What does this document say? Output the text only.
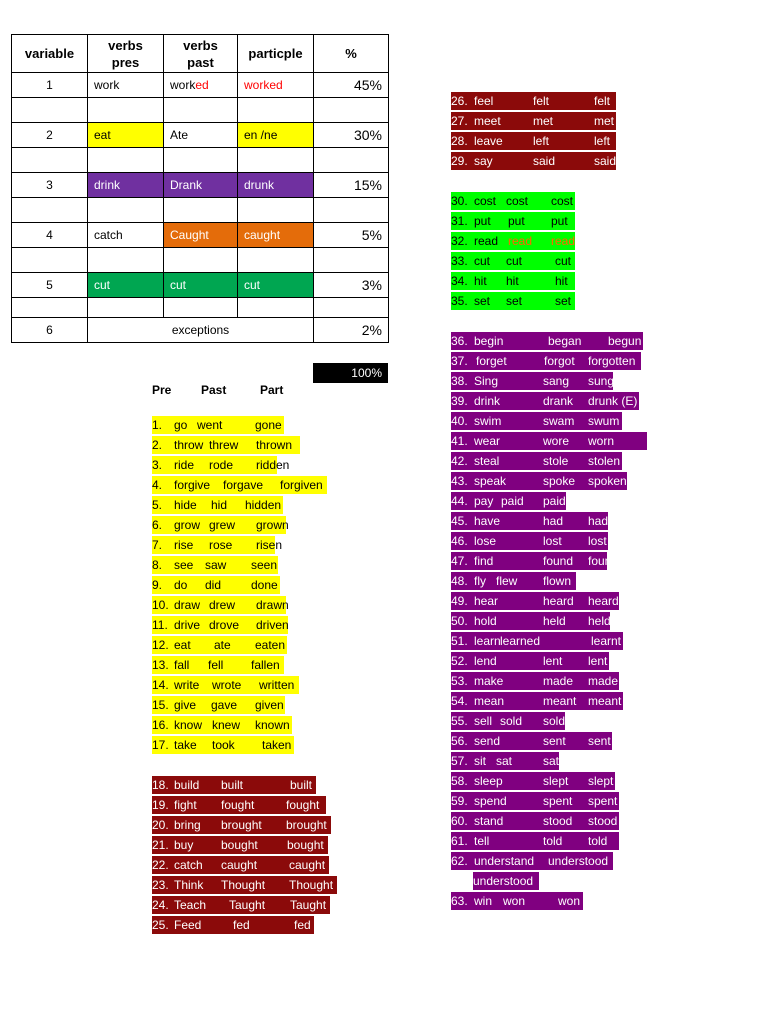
variable	verbs pres	verbs past	particple	%
1	work	worked	worked	45%

2	eat	Ate	en /ne	30%

3	drink	Drank	drunk	15%

4	catch	Caught	caught	5%

5	cut	cut	cut	3%

6	exceptions			2%
100%
Pre Past	Part
1. go went	gone
2. throw threw thrown
3. ride rode ridden
4. forgive forgave forgiven
5. hide hid hidden
6. grow grew grown
7. rise rose risen
8. see saw seen
9. do did done
10. draw drew drawn
11. drive drove driven
12. eat ate eaten
13. fall fell fallen
14. write wrote written
15. give gave given
16. know knew known
17. take took taken
18. build built	built
19. fight fought	fought
20. bring brought brought
21. buy bought bought
22. catch caught	caught
23. Think Thought Thought
24. Teach Taught Taught
25. Feed	fed	fed
26. feel	felt	felt
27. meet	met	met
28. leave	left	left
29. say	said	said
30. cost cost cost
31. put put put
32. read read read
33. cut cut	cut
34. hit hit	hit
35. set set	set
36. begin	began begun
37. forget	forgot forgotten
38. Sing	sang sung
39. drink	drank drunk (E)
40. swim	swam swum
41. wear	wore worn
42. steal	stole stolen
43. speak	spoke spoken
44. pay paid paid
45. have	had had
46. lose	lost lost
47. find	found found
48. fly flew flown
49. hear	heard heard
50. hold	held held
51. learn learned	learnt
52. lend	lent lent
53. make	made made
54. mean	meant meant
55. sell sold sold
56. send	sent sent
57. sit sat	sat
58. sleep	slept slept
59. spend	spent spent
60. stand	stood stood
61. tell	told told
62. understand understood
understood
63. win won	won
